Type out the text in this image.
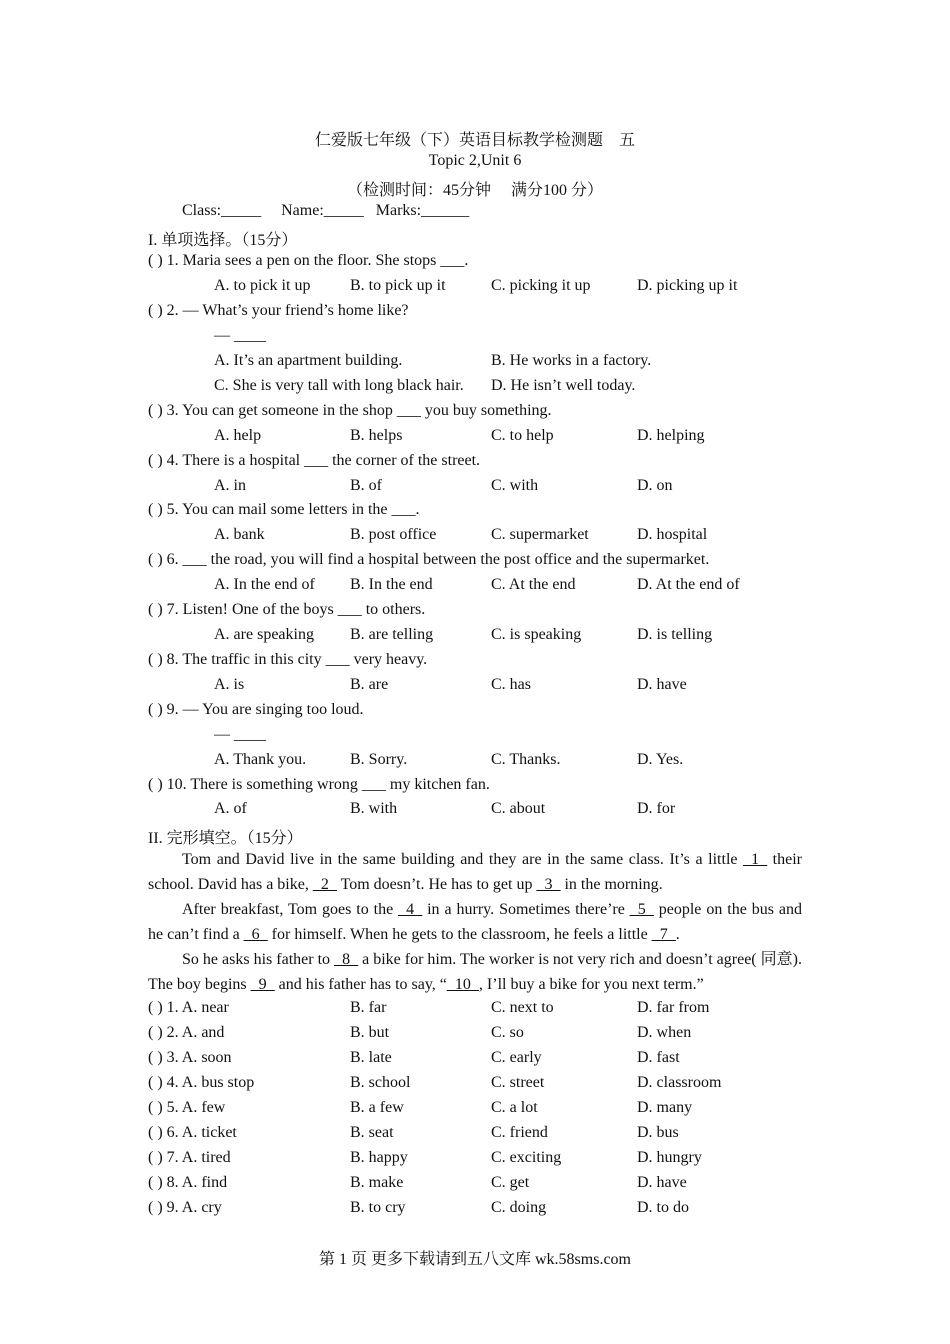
仁爱版七年级（下）英语目标教学检测题　五
Topic 2,Unit 6
（检测时间：45分钟　 满分100 分）
Class:_____     Name:_____   Marks:______
I. 单项选择。（15分）
( ) 1. Maria sees a pen on the floor. She stops ___.
A. to pick it up B. to pick up it	C. picking it up	D. picking up it
( ) 2. — What’s your friend’s home like?
— ____
A. It’s an apartment building.	B. He works in a factory.
C. She is very tall with long black hair. D. He isn’t well today.
( ) 3. You can get someone in the shop ___ you buy something.
A. help	B. helps	C. to help	D. helping
( ) 4. There is a hospital ___ the corner of the street.
A. in	B. of	C. with	D. on
( ) 5. You can mail some letters in the ___.
A. bank	B. post office	C. supermarket	D. hospital
( ) 6. ___ the road, you will find a hospital between the post office and the supermarket.
A. In the end of B. In the end	C. At the end	D. At the end of
( ) 7. Listen! One of the boys ___ to others.
A. are speaking B. are telling	C. is speaking	D. is telling
( ) 8. The traffic in this city ___ very heavy.
A. is	B. are	C. has	D. have
( ) 9. — You are singing too loud.
— ____
A. Thank you.	B. Sorry.	C. Thanks.	D. Yes.
( ) 10. There is something wrong ___ my kitchen fan.
A. of	B. with	C. about	D. for
II. 完形填空。（15分）

Tom and David live in the same building and they are in the same class. It’s a little _1_ their school. David has a bike, _2_ Tom doesn’t. He has to get up _3_ in the morning.

After breakfast, Tom goes to the _4_ in a hurry. Sometimes there’re _5_ people on the bus and he can’t find a _6_ for himself. When he gets to the classroom, he feels a little _7_.

So he asks his father to _8_ a bike for him. The worker is not very rich and doesn’t agree( 同意). The boy begins _9_ and his father has to say, “_10_, I’ll buy a bike for you next term.”

( ) 1. A. near	B. far	C. next to	D. far from
( ) 2. A. and	B. but	C. so	D. when
( ) 3. A. soon	B. late	C. early	D. fast
( ) 4. A. bus stop	B. school	C. street	D. classroom
( ) 5. A. few	B. a few	C. a lot	D. many
( ) 6. A. ticket	B. seat	C. friend	D. bus
( ) 7. A. tired	B. happy	C. exciting	D. hungry
( ) 8. A. find	B. make	C. get	D. have
( ) 9. A. cry	B. to cry	C. doing	D. to do
第 1 页 更多下载请到五八文库 wk.58sms.com
